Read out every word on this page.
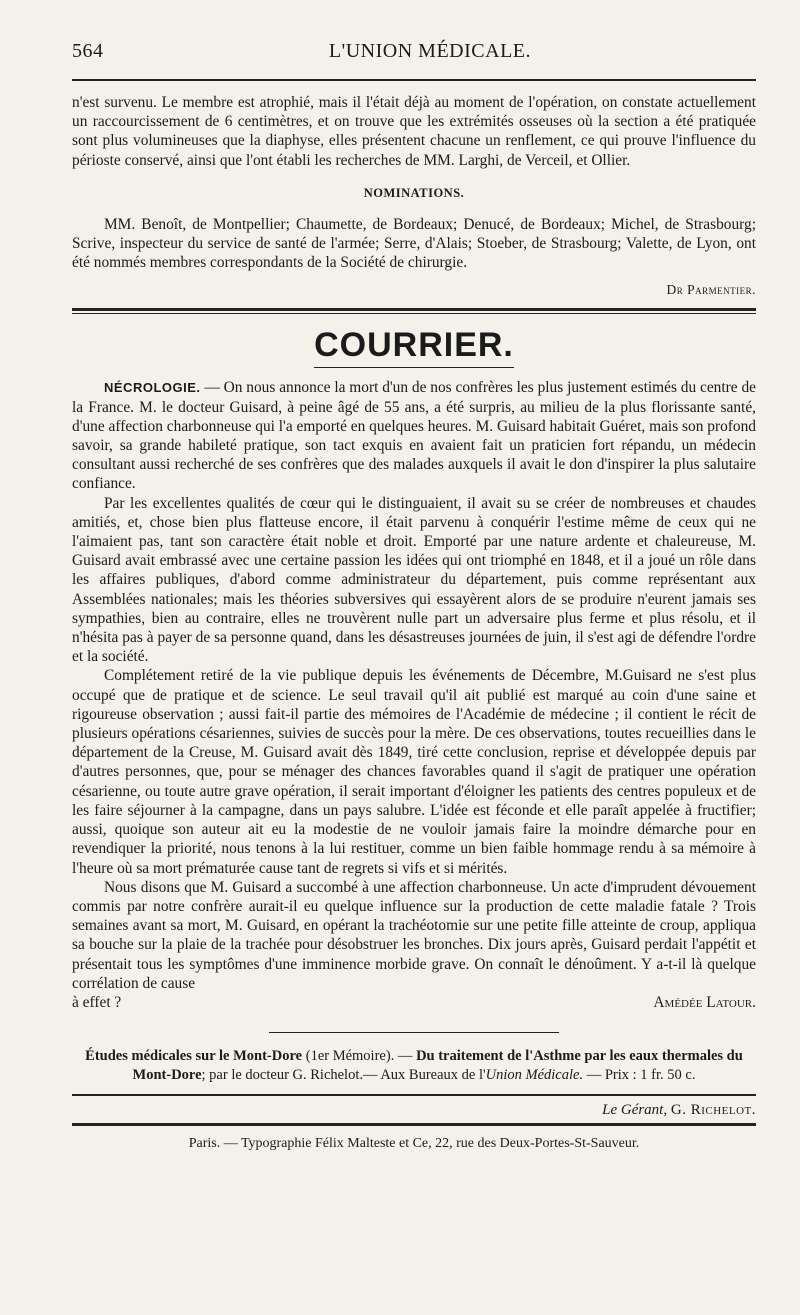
564	L'UNION MÉDICALE.

n'est survenu. Le membre est atrophié, mais il l'était déjà au moment de l'opération, on constate actuellement un raccourcissement de 6 centimètres, et on trouve que les extrémités osseuses où la section a été pratiquée sont plus volumineuses que la diaphyse, elles présentent chacune un renflement, ce qui prouve l'influence du périoste conservé, ainsi que l'ont établi les recherches de MM. Larghi, de Verceil, et Ollier.

NOMINATIONS.

MM. Benoît, de Montpellier; Chaumette, de Bordeaux; Denucé, de Bordeaux; Michel, de Strasbourg; Scrive, inspecteur du service de santé de l'armée; Serre, d'Alais; Stoeber, de Strasbourg; Valette, de Lyon, ont été nommés membres correspondants de la Société de chirurgie.

Dr Parmentier.
COURRIER.

NÉCROLOGIE. — On nous annonce la mort d'un de nos confrères les plus justement estimés du centre de la France. M. le docteur Guisard, à peine âgé de 55 ans, a été surpris, au milieu de la plus florissante santé, d'une affection charbonneuse qui l'a emporté en quelques heures. M. Guisard habitait Guéret, mais son profond savoir, sa grande habileté pratique, son tact exquis en avaient fait un praticien fort répandu, un médecin consultant aussi recherché de ses confrères que des malades auxquels il avait le don d'inspirer la plus salutaire confiance.

Par les excellentes qualités de cœur qui le distinguaient, il avait su se créer de nombreuses et chaudes amitiés, et, chose bien plus flatteuse encore, il était parvenu à conquérir l'estime même de ceux qui ne l'aimaient pas, tant son caractère était noble et droit. Emporté par une nature ardente et chaleureuse, M. Guisard avait embrassé avec une certaine passion les idées qui ont triomphé en 1848, et il a joué un rôle dans les affaires publiques, d'abord comme administrateur du département, puis comme représentant aux Assemblées nationales; mais les théories subversives qui essayèrent alors de se produire n'eurent jamais ses sympathies, bien au contraire, elles ne trouvèrent nulle part un adversaire plus ferme et plus résolu, et il n'hésita pas à payer de sa personne quand, dans les désastreuses journées de juin, il s'est agi de défendre l'ordre et la société.

Complétement retiré de la vie publique depuis les événements de Décembre, M.Guisard ne s'est plus occupé que de pratique et de science. Le seul travail qu'il ait publié est marqué au coin d'une saine et rigoureuse observation ; aussi fait-il partie des mémoires de l'Académie de médecine ; il contient le récit de plusieurs opérations césariennes, suivies de succès pour la mère. De ces observations, toutes recueillies dans le département de la Creuse, M. Guisard avait dès 1849, tiré cette conclusion, reprise et développée depuis par d'autres personnes, que, pour se ménager des chances favorables quand il s'agit de pratiquer une opération césarienne, ou toute autre grave opération, il serait important d'éloigner les patients des centres populeux et de les faire séjourner à la campagne, dans un pays salubre. L'idée est féconde et elle paraît appelée à fructifier; aussi, quoique son auteur ait eu la modestie de ne vouloir jamais faire la moindre démarche pour en revendiquer la priorité, nous tenons à la lui restituer, comme un bien faible hommage rendu à sa mémoire à l'heure où sa mort prématurée cause tant de regrets si vifs et si mérités.

Nous disons que M. Guisard a succombé à une affection charbonneuse. Un acte d'imprudent dévouement commis par notre confrère aurait-il eu quelque influence sur la production de cette maladie fatale ? Trois semaines avant sa mort, M. Guisard, en opérant la trachéotomie sur une petite fille atteinte de croup, appliqua sa bouche sur la plaie de la trachée pour désobstruer les bronches. Dix jours après, Guisard perdait l'appétit et présentait tous les symptômes d'une imminence morbide grave. On connaît le dénoûment. Y a-t-il là quelque corrélation de cause

à effet ?	Amédée Latour.
Études médicales sur le Mont-Dore (1er Mémoire). — Du traitement de l'Asthme par les eaux thermales du Mont-Dore; par le docteur G. Richelot.— Aux Bureaux de l'Union Médicale. — Prix : 1 fr. 50 c.
Le Gérant, G. Richelot.
Paris. — Typographie Félix Malteste et Ce, 22, rue des Deux-Portes-St-Sauveur.
